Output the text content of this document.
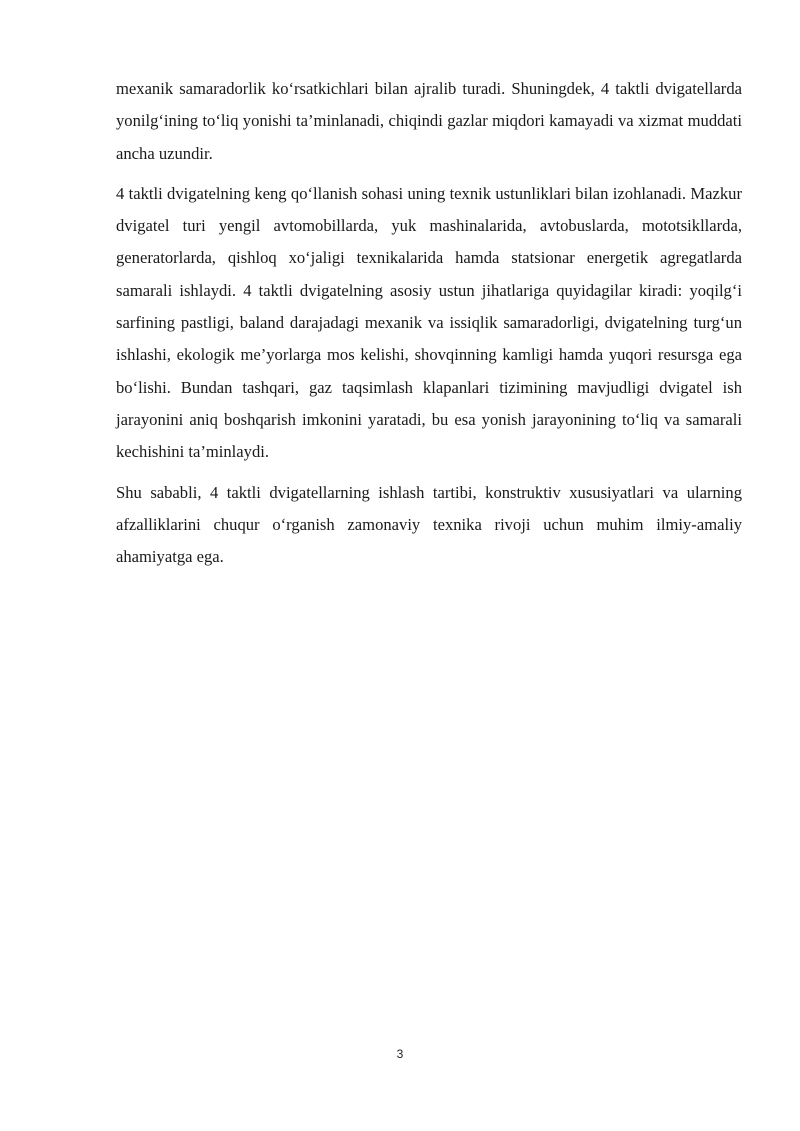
mexanik samaradorlik ko‘rsatkichlari bilan ajralib turadi. Shuningdek, 4 taktli dvigatellarda yonilg‘ining to‘liq yonishi ta’minlanadi, chiqindi gazlar miqdori kamayadi va xizmat muddati ancha uzundir.

4 taktli dvigatelning keng qo‘llanish sohasi uning texnik ustunliklari bilan izohlanadi. Mazkur dvigatel turi yengil avtomobillarda, yuk mashinalarida, avtobuslarda, mototsikllarda, generatorlarda, qishloq xo‘jaligi texnikalarida hamda statsionar energetik agregatlarda samarali ishlaydi. 4 taktli dvigatelning asosiy ustun jihatlariga quyidagilar kiradi: yoqilg‘i sarfining pastligi, baland darajadagi mexanik va issiqlik samaradorligi, dvigatelning turg‘un ishlashi, ekologik me’yorlarga mos kelishi, shovqinning kamligi hamda yuqori resursga ega bo‘lishi. Bundan tashqari, gaz taqsimlash klapanlari tizimining mavjudligi dvigatel ish jarayonini aniq boshqarish imkonini yaratadi, bu esa yonish jarayonining to‘liq va samarali kechishini ta’minlaydi.

Shu sababli, 4 taktli dvigatellarning ishlash tartibi, konstruktiv xususiyatlari va ularning afzalliklarini chuqur o‘rganish zamonaviy texnika rivoji uchun muhim ilmiy-amaliy ahamiyatga ega.

3
